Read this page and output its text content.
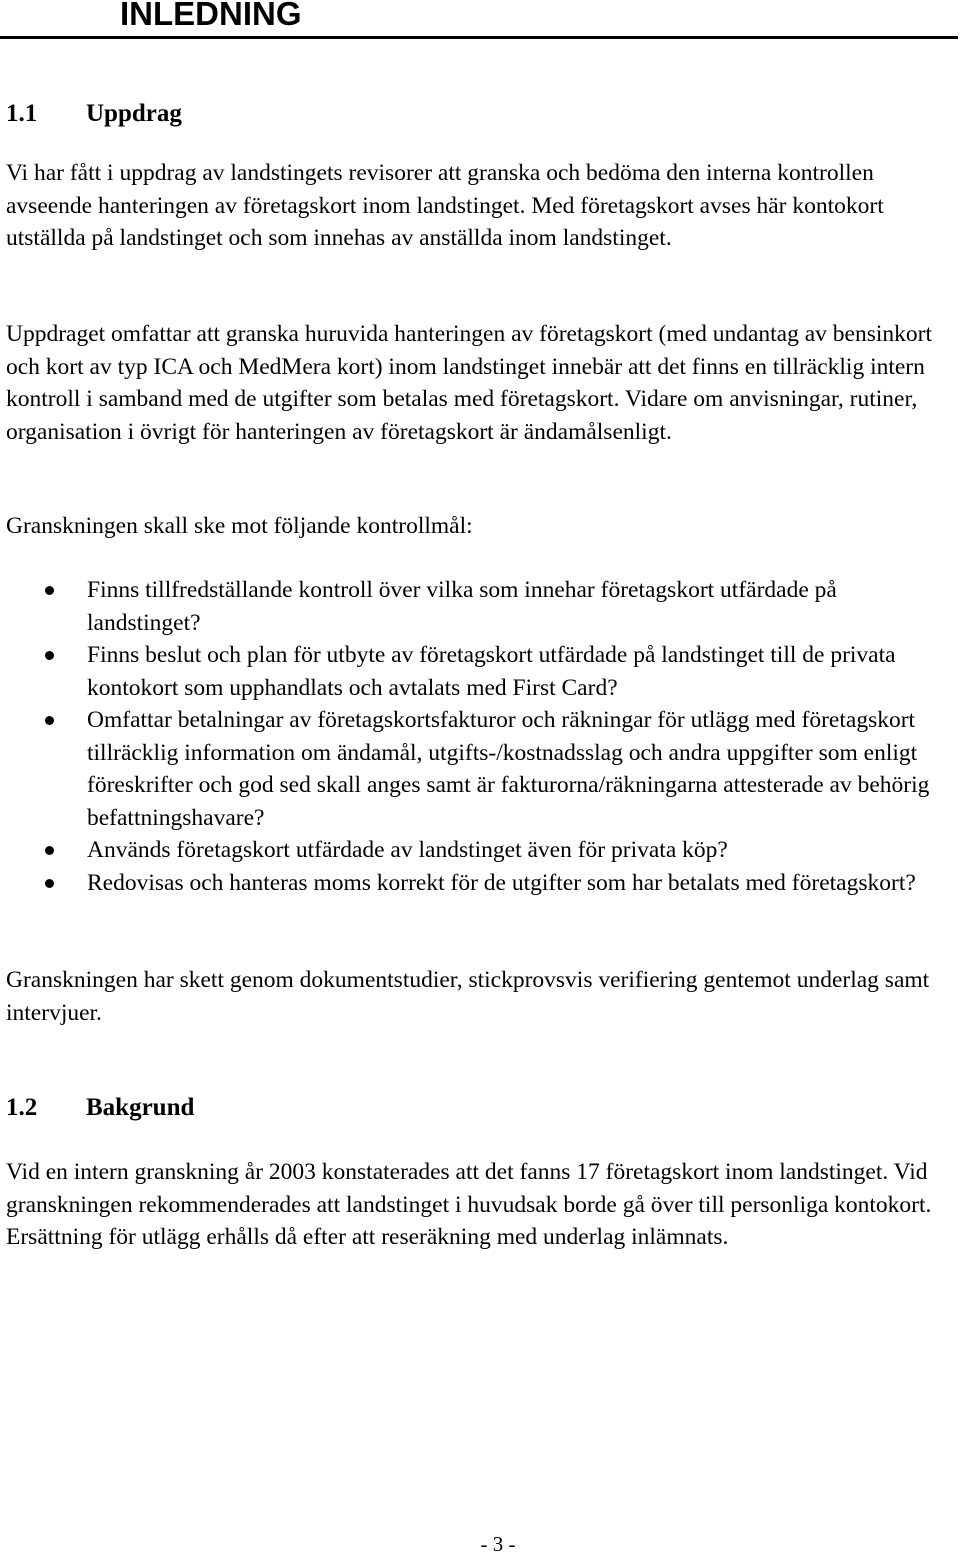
INLEDNING
1.1 Uppdrag

Vi har fått i uppdrag av landstingets revisorer att granska och bedöma den interna kontrollen avseende hanteringen av företagskort inom landstinget. Med företagskort avses här kontokort utställda på landstinget och som innehas av anställda inom landstinget.

Uppdraget omfattar att granska huruvida hanteringen av företagskort (med undantag av bensinkort och kort av typ ICA och MedMera kort) inom landstinget innebär att det finns en tillräcklig intern kontroll i samband med de utgifter som betalas med företagskort. Vidare om anvisningar, rutiner, organisation i övrigt för hanteringen av företagskort är ändamålsenligt.

Granskningen skall ske mot följande kontrollmål:

Finns tillfredställande kontroll över vilka som innehar företagskort utfärdade på landstinget?
Finns beslut och plan för utbyte av företagskort utfärdade på landstinget till de privata kontokort som upphandlats och avtalats med First Card?
Omfattar betalningar av företagskortsfakturor och räkningar för utlägg med företagskort tillräcklig information om ändamål, utgifts-/kostnadsslag och andra uppgifter som enligt föreskrifter och god sed skall anges samt är fakturorna/räkningarna attesterade av behörig befattningshavare?
Används företagskort utfärdade av landstinget även för privata köp?
Redovisas och hanteras moms korrekt för de utgifter som har betalats med företagskort?

Granskningen har skett genom dokumentstudier, stickprovsvis verifiering gentemot underlag samt intervjuer.

1.2 Bakgrund

Vid en intern granskning år 2003 konstaterades att det fanns 17 företagskort inom landstinget. Vid granskningen rekommenderades att landstinget i huvudsak borde gå över till personliga kontokort. Ersättning för utlägg erhålls då efter att reseräkning med underlag inlämnats.

- 3 -
